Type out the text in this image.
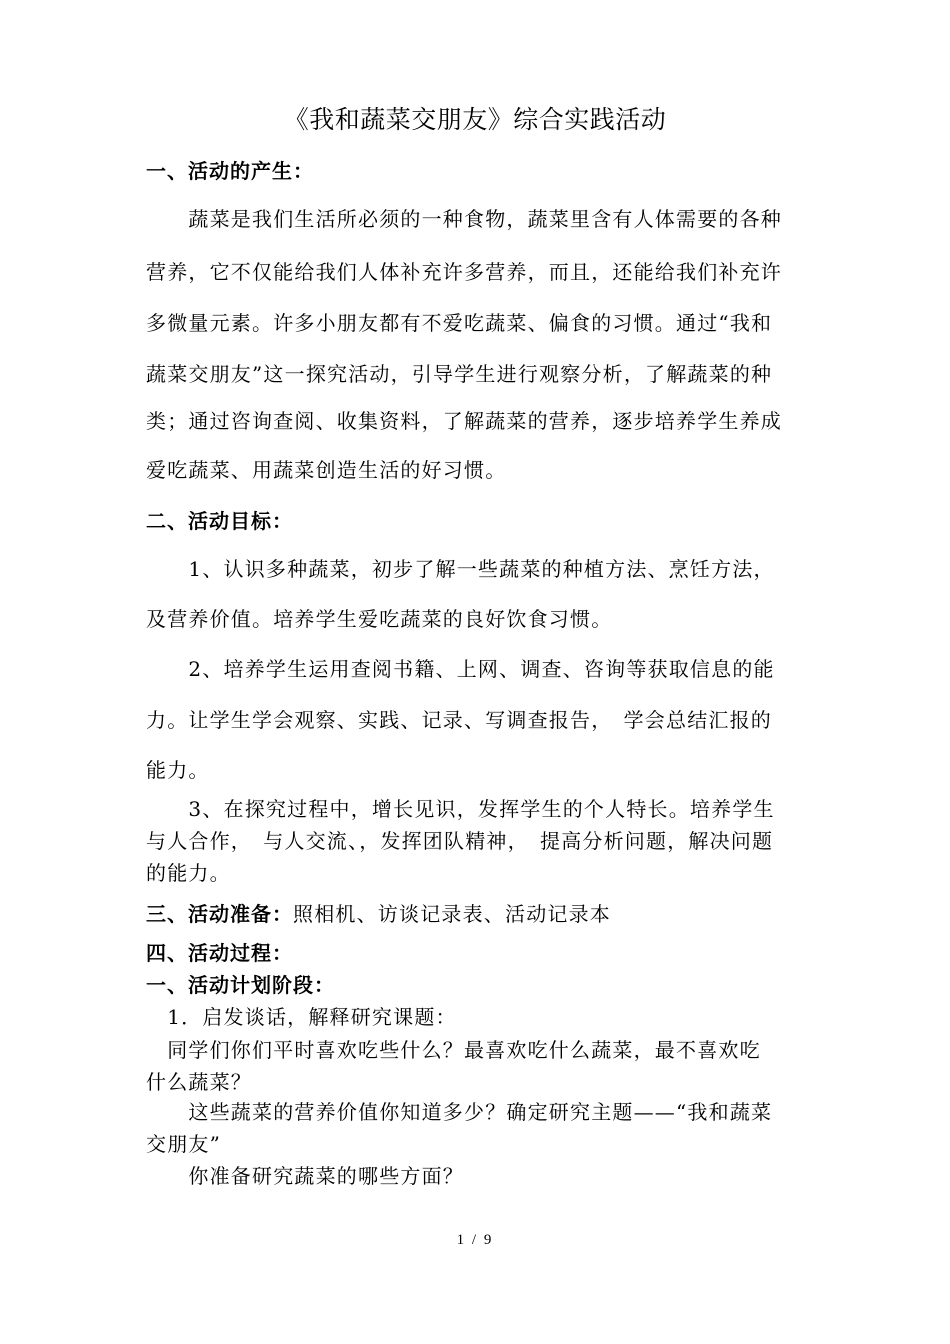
《我和蔬菜交朋友》综合实践活动
一、活动的产生：
　　蔬菜是我们生活所必须的一种食物，蔬菜里含有人体需要的各种
营养，它不仅能给我们人体补充许多营养，而且，还能给我们补充许
多微量元素。许多小朋友都有不爱吃蔬菜、偏食的习惯。通过“我和
蔬菜交朋友”这一探究活动，引导学生进行观察分析，了解蔬菜的种
类；通过咨询查阅、收集资料，了解蔬菜的营养，逐步培养学生养成
爱吃蔬菜、用蔬菜创造生活的好习惯。
二、活动目标：
　　1、认识多种蔬菜，初步了解一些蔬菜的种植方法、烹饪方法，
及营养价值。培养学生爱吃蔬菜的良好饮食习惯。
　　2、培养学生运用查阅书籍、上网、调查、咨询等获取信息的能
力。让学生学会观察、实践、记录、写调查报告，　学会总结汇报的
能力。
　　3、在探究过程中，增长见识，发挥学生的个人特长。培养学生
与人合作，　与人交流、，发挥团队精神，　提高分析问题，解决问题
的能力。
三、活动准备：照相机、访谈记录表、活动记录本
四、活动过程：
一、活动计划阶段：
　1．启发谈话，解释研究课题：
　同学们你们平时喜欢吃些什么？最喜欢吃什么蔬菜，最不喜欢吃
什么蔬菜？
　　这些蔬菜的营养价值你知道多少？确定研究主题——“我和蔬菜
交朋友”
　　你准备研究蔬菜的哪些方面？
1 / 9
